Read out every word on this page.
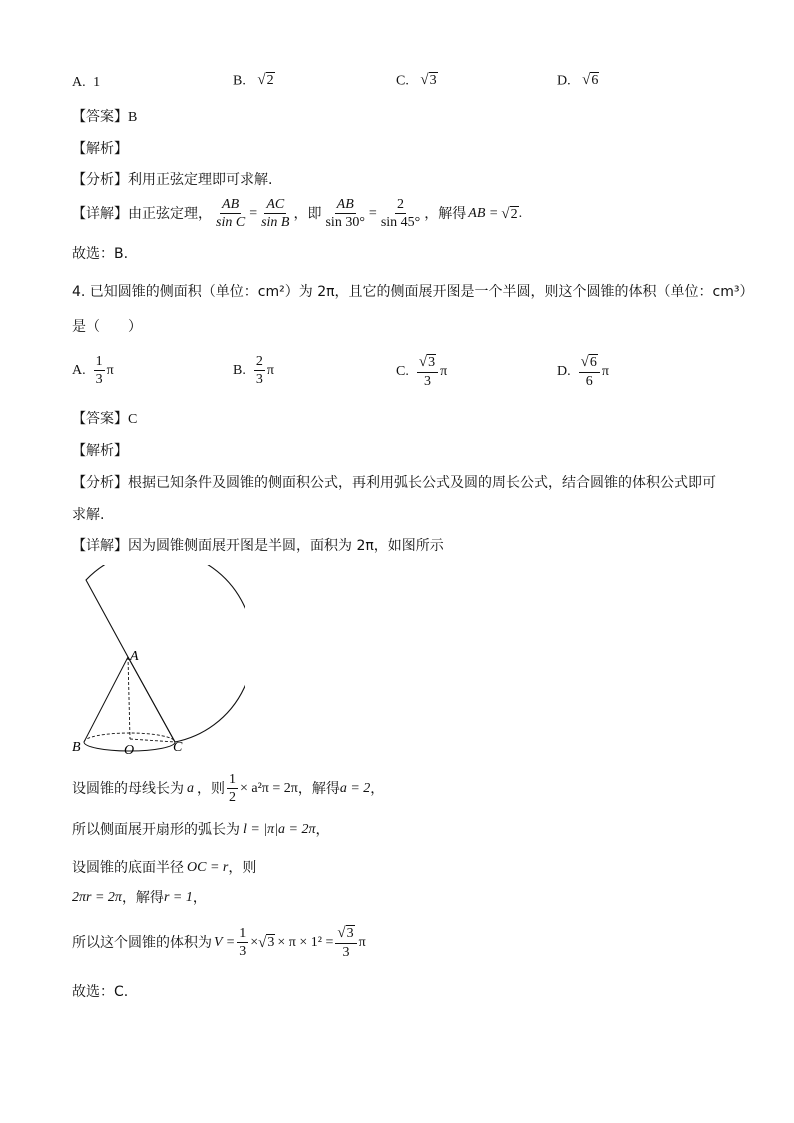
A. 1	B. √ 2	C. √ 3	D. √ 6
【答案】B
【解析】
【分析】利用正弦定理即可求解.
【详解】 由正弦定理， $\frac{AB}{\text{sin C}} = \frac{AC}{\text{sin B}}$ ，即 $\frac{AB}{\sin 30^\circ} = \frac{2}{\sin 45^\circ}$ ，解得 AB = √ 2 .
故选：B.
4. 已知圆锥的侧面积（单位：cm²）为 2π，且它的侧面展开图是一个半圆，则这个圆锥的体积（单位：cm³）
是（　　）
A. $\frac{1}{3}$ π	B. $\frac{2}{3}$ π	C. $\frac{√ 3}{3}$ π	D. $\frac{√ 6}{6}$ π
【答案】C
【解析】
【分析】根据已知条件及圆锥的侧面积公式，再利用弧长公式及圆的周长公式，结合圆锥的体积公式即可
求解.
【详解】因为圆锥侧面展开图是半圆，面积为 2π，如图所示
A
B	O	C
设圆锥的母线长为 a ，则 $\frac{1}{2} \times a^2\pi = 2\pi$ ，解得 a = 2 ，
所以侧面展开扇形的弧长为 l = |π|a = 2π ，
设圆锥的底面半径 OC = r ，则
2πr = 2π ，解得 r = 1 ，
所以这个圆锥的体积为 $V = \frac{1}{3}$ × √ $3 \times \pi \times 1^2 = \frac{√ 3}{3}$ π
故选：C.
